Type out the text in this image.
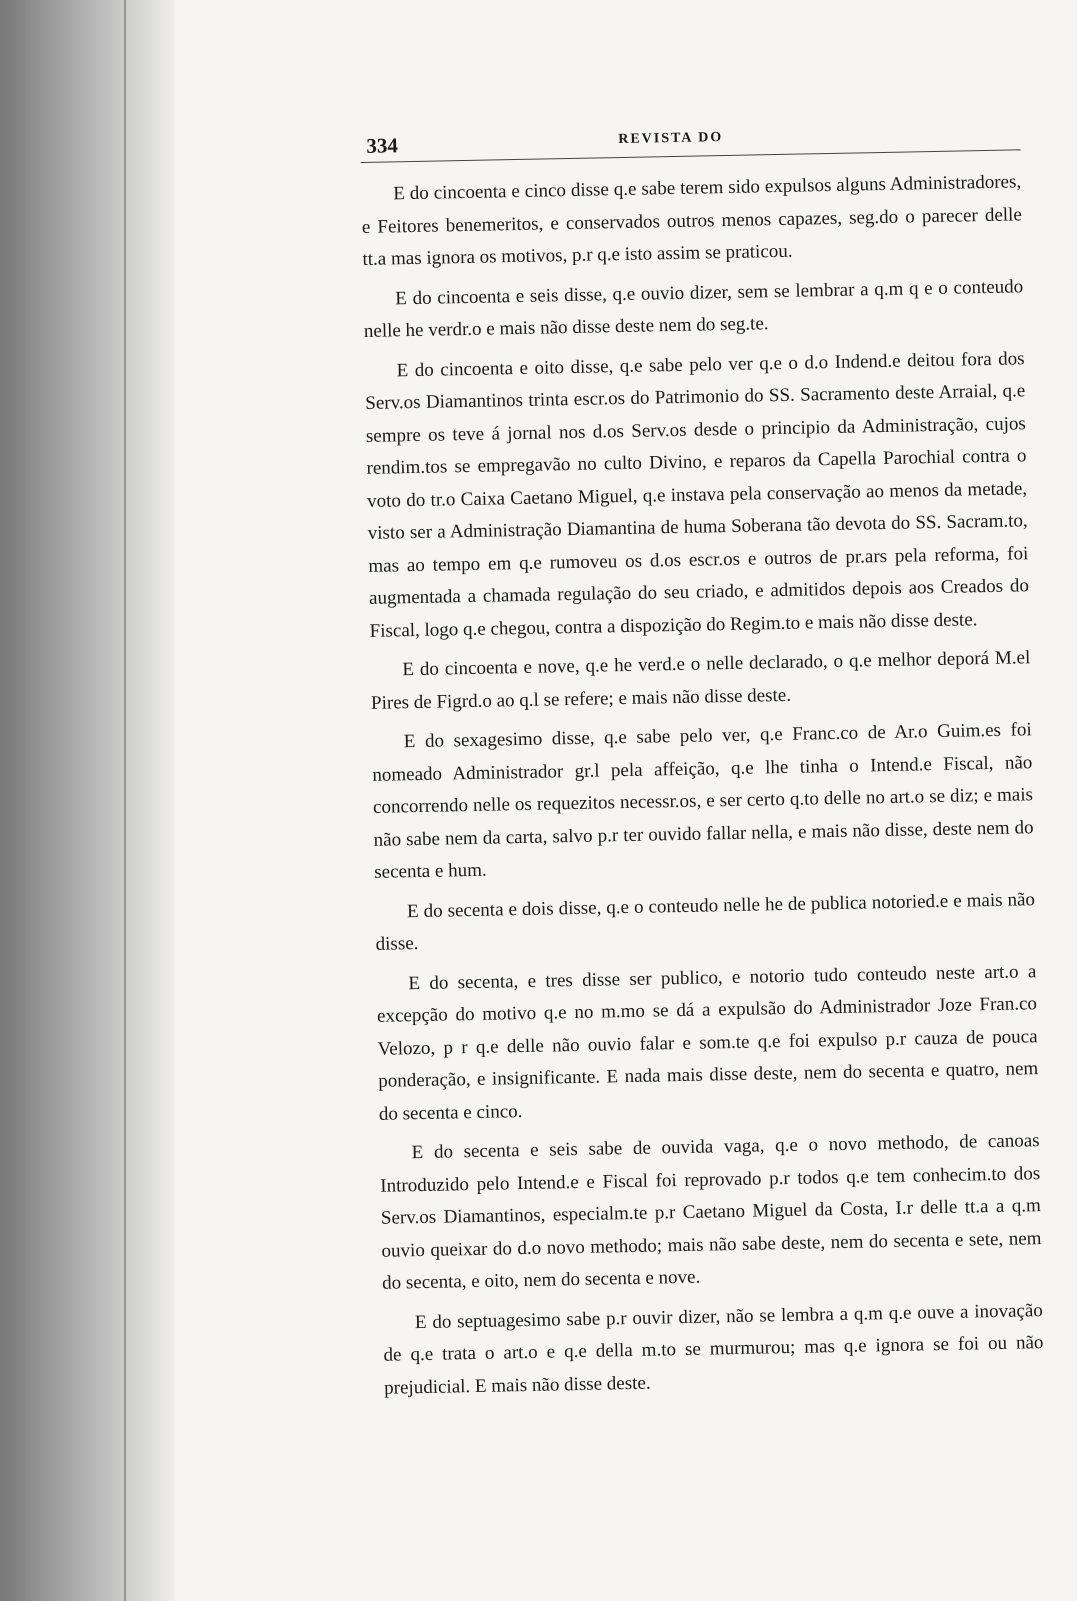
334	REVISTA DO

E do cincoenta e cinco disse q.e sabe terem sido expulsos alguns Administradores, e Feitores benemeritos, e conservados outros menos capazes, seg.do o parecer delle tt.a mas ignora os motivos, p.r q.e isto assim se praticou.

E do cincoenta e seis disse, q.e ouvio dizer, sem se lembrar a q.m q e o conteudo nelle he verdr.o e mais não disse deste nem do seg.te.

E do cincoenta e oito disse, q.e sabe pelo ver q.e o d.o Indend.e deitou fora dos Serv.os Diamantinos trinta escr.os do Patrimonio do SS. Sacramento deste Arraial, q.e sempre os teve á jornal nos d.os Serv.os desde o principio da Administração, cujos rendim.tos se empregavão no culto Divino, e reparos da Capella Parochial contra o voto do tr.o Caixa Caetano Miguel, q.e instava pela conservação ao menos da metade, visto ser a Administração Diamantina de huma Soberana tão devota do SS. Sacram.to, mas ao tempo em q.e rumoveu os d.os escr.os e outros de pr.ars pela reforma, foi augmentada a chamada regulação do seu criado, e admitidos depois aos Creados do Fiscal, logo q.e chegou, contra a dispozição do Regim.to e mais não disse deste.

E do cincoenta e nove, q.e he verd.e o nelle declarado, o q.e melhor deporá M.el Pires de Figrd.o ao q.l se refere; e mais não disse deste.

E do sexagesimo disse, q.e sabe pelo ver, q.e Franc.co de Ar.o Guim.es foi nomeado Administrador gr.l pela affeição, q.e lhe tinha o Intend.e Fiscal, não concorrendo nelle os requezitos necessr.os, e ser certo q.to delle no art.o se diz; e mais não sabe nem da carta, salvo p.r ter ouvido fallar nella, e mais não disse, deste nem do secenta e hum.

E do secenta e dois disse, q.e o conteudo nelle he de publica notoried.e e mais não disse.

E do secenta, e tres disse ser publico, e notorio tudo conteudo neste art.o a excepção do motivo q.e no m.mo se dá a expulsão do Administrador Joze Fran.co Velozo, p r q.e delle não ouvio falar e som.te q.e foi expulso p.r cauza de pouca ponderação, e insignificante. E nada mais disse deste, nem do secenta e quatro, nem do secenta e cinco.

E do secenta e seis sabe de ouvida vaga, q.e o novo methodo, de canoas Introduzido pelo Intend.e e Fiscal foi reprovado p.r todos q.e tem conhecim.to dos Serv.os Diamantinos, especialm.te p.r Caetano Miguel da Costa, I.r delle tt.a a q.m ouvio queixar do d.o novo methodo; mais não sabe deste, nem do secenta e sete, nem do secenta, e oito, nem do secenta e nove.

E do septuagesimo sabe p.r ouvir dizer, não se lembra a q.m q.e ouve a inovação de q.e trata o art.o e q.e della m.to se murmurou; mas q.e ignora se foi ou não prejudicial. E mais não disse deste.
